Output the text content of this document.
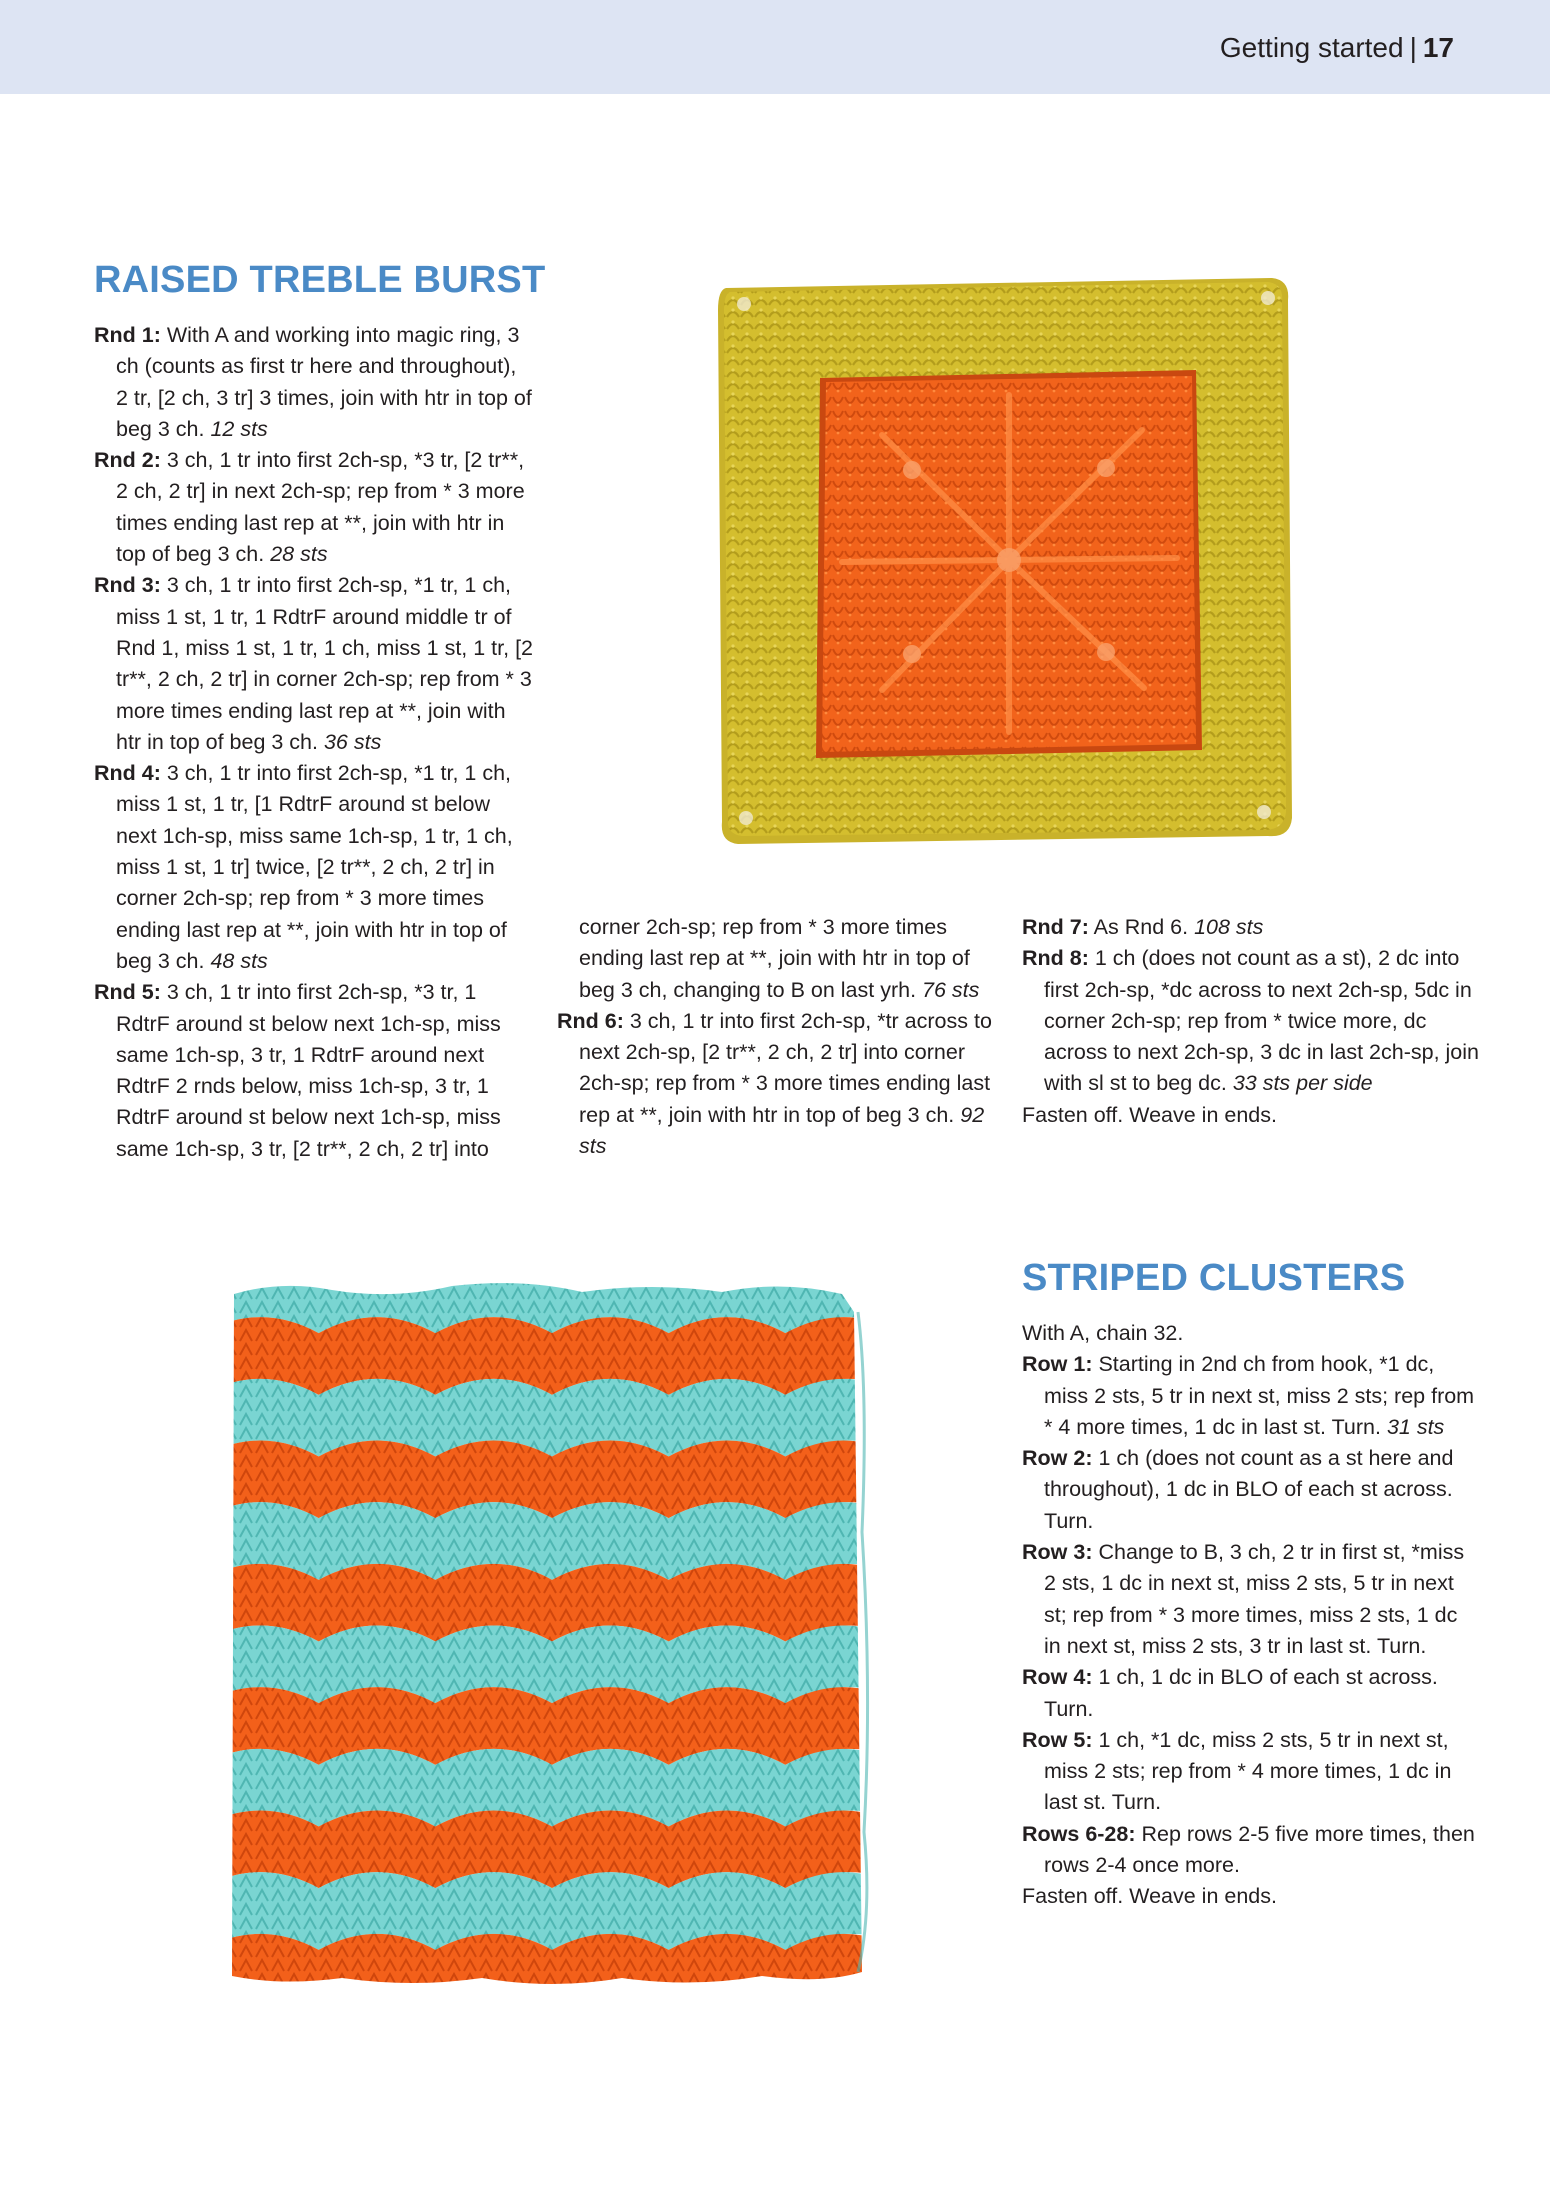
Getting started | 17
RAISED TREBLE BURST

Rnd 1: With A and working into magic ring, 3 ch (counts as first tr here and throughout), 2 tr, [2 ch, 3 tr] 3 times, join with htr in top of beg 3 ch. 12 sts

Rnd 2: 3 ch, 1 tr into first 2ch-sp, *3 tr, [2 tr**, 2 ch, 2 tr] in next 2ch-sp; rep from * 3 more times ending last rep at **, join with htr in top of beg 3 ch. 28 sts

Rnd 3: 3 ch, 1 tr into first 2ch-sp, *1 tr, 1 ch, miss 1 st, 1 tr, 1 RdtrF around middle tr of Rnd 1, miss 1 st, 1 tr, 1 ch, miss 1 st, 1 tr, [2 tr**, 2 ch, 2 tr] in corner 2ch-sp; rep from * 3 more times ending last rep at **, join with htr in top of beg 3 ch. 36 sts

Rnd 4: 3 ch, 1 tr into first 2ch-sp, *1 tr, 1 ch, miss 1 st, 1 tr, [1 RdtrF around st below next 1ch-sp, miss same 1ch-sp, 1 tr, 1 ch, miss 1 st, 1 tr] twice, [2 tr**, 2 ch, 2 tr] in corner 2ch-sp; rep from * 3 more times ending last rep at **, join with htr in top of beg 3 ch. 48 sts

Rnd 5: 3 ch, 1 tr into first 2ch-sp, *3 tr, 1 RdtrF around st below next 1ch-sp, miss same 1ch-sp, 3 tr, 1 RdtrF around next RdtrF 2 rnds below, miss 1ch-sp, 3 tr, 1 RdtrF around st below next 1ch-sp, miss same 1ch-sp, 3 tr, [2 tr**, 2 ch, 2 tr] into

corner 2ch-sp; rep from * 3 more times ending last rep at **, join with htr in top of beg 3 ch, changing to B on last yrh. 76 sts

Rnd 6: 3 ch, 1 tr into first 2ch-sp, *tr across to next 2ch-sp, [2 tr**, 2 ch, 2 tr] into corner 2ch-sp; rep from * 3 more times ending last rep at **, join with htr in top of beg 3 ch. 92 sts

Rnd 7: As Rnd 6. 108 sts

Rnd 8: 1 ch (does not count as a st), 2 dc into first 2ch-sp, *dc across to next 2ch-sp, 5dc in corner 2ch-sp; rep from * twice more, dc across to next 2ch-sp, 3 dc in last 2ch-sp, join with sl st to beg dc. 33 sts per side

Fasten off. Weave in ends.

STRIPED CLUSTERS

With A, chain 32.

Row 1: Starting in 2nd ch from hook, *1 dc, miss 2 sts, 5 tr in next st, miss 2 sts; rep from * 4 more times, 1 dc in last st. Turn. 31 sts

Row 2: 1 ch (does not count as a st here and throughout), 1 dc in BLO of each st across. Turn.

Row 3: Change to B, 3 ch, 2 tr in first st, *miss 2 sts, 1 dc in next st, miss 2 sts, 5 tr in next st; rep from * 3 more times, miss 2 sts, 1 dc in next st, miss 2 sts, 3 tr in last st. Turn.

Row 4: 1 ch, 1 dc in BLO of each st across. Turn.

Row 5: 1 ch, *1 dc, miss 2 sts, 5 tr in next st, miss 2 sts; rep from * 4 more times, 1 dc in last st. Turn.

Rows 6-28: Rep rows 2-5 five more times, then rows 2-4 once more.

Fasten off. Weave in ends.
